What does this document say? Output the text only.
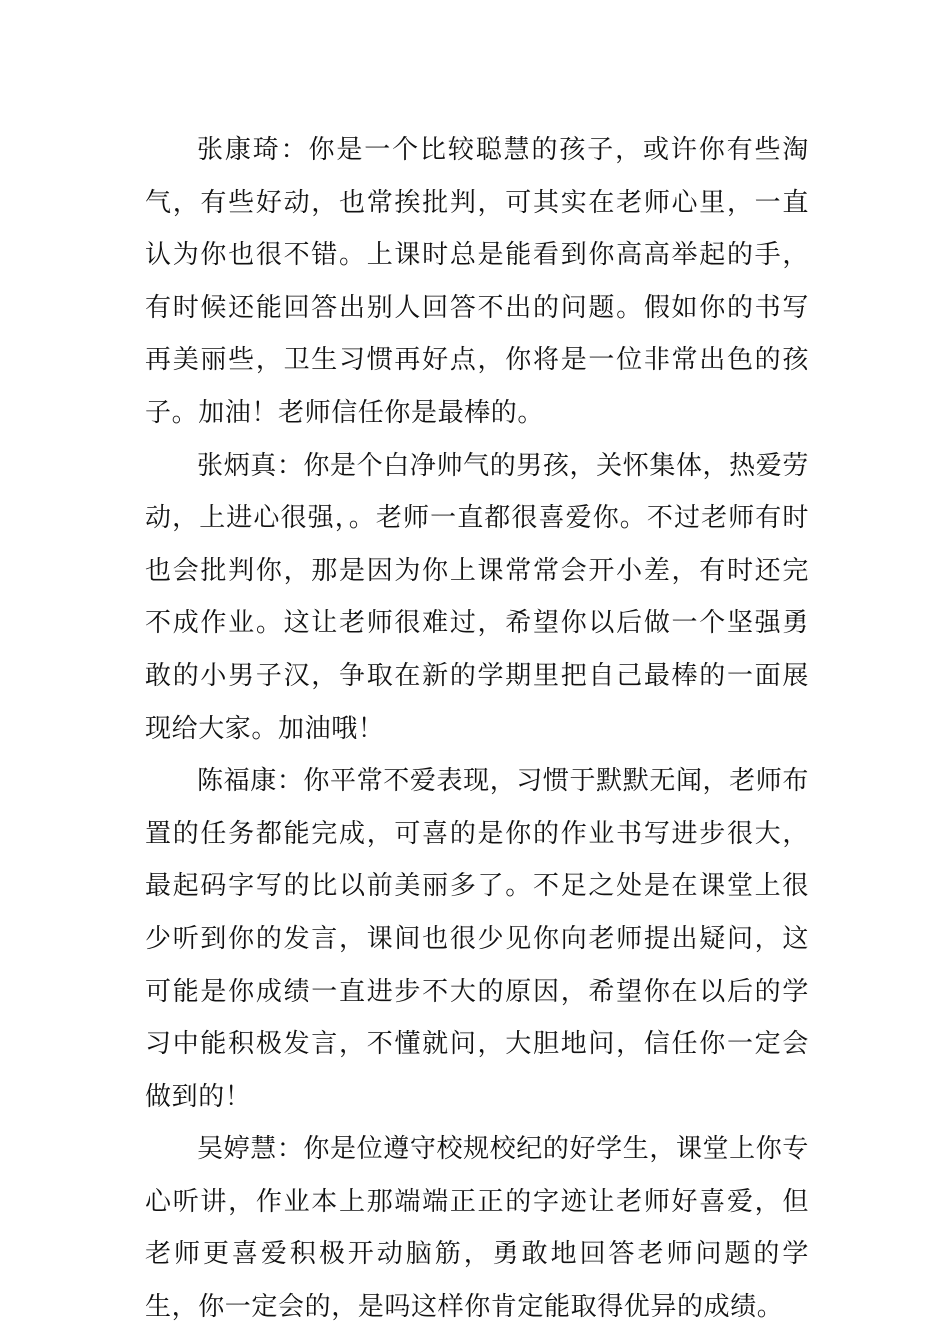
张康琦：你是一个比较聪慧的孩子，或许你有些淘气，有些好动，也常挨批判，可其实在老师心里，一直认为你也很不错。上课时总是能看到你高高举起的手，有时候还能回答出别人回答不出的问题。假如你的书写再美丽些，卫生习惯再好点，你将是一位非常出色的孩子。加油！老师信任你是最棒的。

张炳真：你是个白净帅气的男孩，关怀集体，热爱劳动，上进心很强，。老师一直都很喜爱你。不过老师有时也会批判你，那是因为你上课常常会开小差，有时还完不成作业。这让老师很难过，希望你以后做一个坚强勇敢的小男子汉，争取在新的学期里把自己最棒的一面展现给大家。加油哦！

陈福康：你平常不爱表现，习惯于默默无闻，老师布置的任务都能完成，可喜的是你的作业书写进步很大，最起码字写的比以前美丽多了。不足之处是在课堂上很少听到你的发言，课间也很少见你向老师提出疑问，这可能是你成绩一直进步不大的原因，希望你在以后的学习中能积极发言，不懂就问，大胆地问，信任你一定会做到的！

吴婷慧：你是位遵守校规校纪的好学生，课堂上你专心听讲，作业本上那端端正正的字迹让老师好喜爱，但老师更喜爱积极开动脑筋，勇敢地回答老师问题的学生，你一定会的，是吗这样你肯定能取得优异的成绩。
